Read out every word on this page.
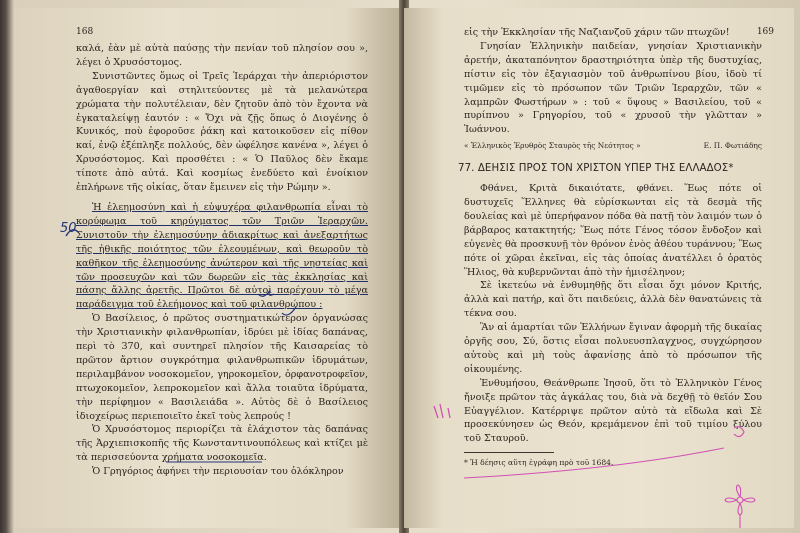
168

καλά, ἐὰν μὲ αὐτὰ παύσῃς τὴν πενίαν τοῦ πλησίον σου », λέγει ὁ Χρυσόστομος.

Συνιστῶντες ὅμως οἱ Τρεῖς Ἱεράρχαι τὴν ἀπεριόριστον ἀγαθοεργίαν καὶ στηλιτεύοντες μὲ τὰ μελανώτερα χρώματα τὴν πολυτέλειαν, δὲν ζητοῦν ἀπὸ τὸν ἔχοντα νὰ ἐγκαταλείψῃ ἑαυτόν : « Ὄχι νὰ ζῇς ὅπως ὁ Διογένης ὁ Κυνικός, ποὺ ἐφοροῦσε ῥάκη καὶ κατοικοῦσεν εἰς πίθον καί, ἐνῷ ἐξέπληξε πολλούς, δὲν ὠφέλησε κανένα », λέγει ὁ Χρυσόστομος. Καὶ προσθέτει : « Ὁ Παῦλος δὲν ἔκαμε τίποτε ἀπὸ αὐτά. Καὶ κοσμίως ἐνεδύετο καὶ ἐνοίκιον ἐπλήρωνε τῆς οἰκίας, ὅταν ἔμεινεν εἰς τὴν Ρώμην ».

Ἡ ἐλεημοσύνη καὶ ἡ εὐψυχέρα φιλανθρωπία εἶναι τὸ κορύφωμα τοῦ κηρύγματος τῶν Τριῶν Ἱεραρχῶν. Συνιστοῦν τὴν ἐλεημοσύνην ἀδιακρίτως καὶ ἀνεξαρτήτως τῆς ἠθικῆς ποιότητος τῶν ἐλεουμένων, καὶ θεωροῦν τὸ καθῆκον τῆς ἐλεημοσύνης ἀνώτερον καὶ τῆς νηστείας καὶ τῶν προσευχῶν καὶ τῶν δωρεῶν εἰς τὰς ἐκκλησίας καὶ πάσης ἄλλης ἀρετῆς. Πρῶτοι δὲ αὐτοὶ παρέχουν τὸ μέγα παράδειγμα τοῦ ἐλεήμονος καὶ τοῦ φιλανθρώπου :

Ὁ Βασίλειος, ὁ πρῶτος συστηματικώτερον ὀργανώσας τὴν Χριστιανικὴν φιλανθρωπίαν, ἱδρύει μὲ ἰδίας δαπάνας, περὶ τὸ 370, καὶ συντηρεῖ πλησίον τῆς Καισαρείας τὸ πρῶτον ἄρτιον συγκρότημα φιλανθρωπικῶν ἱδρυμάτων, περιλαμβάνον νοσοκομεῖον, γηροκομεῖον, ὀρφανοτροφεῖον, πτωχοκομεῖον, λεπροκομεῖον καὶ ἄλλα τοιαῦτα ἱδρύματα, τὴν περίφημον « Βασιλειάδα ». Αὐτὸς δὲ ὁ Βασίλειος ἰδιοχείρως περιεποιεῖτο ἐκεῖ τοὺς λεπρούς !

Ὁ Χρυσόστομος περιορίζει τὰ ἐλάχιστον τὰς δαπάνας τῆς Ἀρχιεπισκοπῆς τῆς Κωνσταντινουπόλεως καὶ κτίζει μὲ τὰ περισσεύοντα χρήματα νοσοκομεῖα.

Ὁ Γρηγόριος ἀφήνει τὴν περιουσίαν του ὁλόκληρον

50
169

εἰς τὴν Ἐκκλησίαν τῆς Ναζιανζοῦ χάριν τῶν πτωχῶν!

Γνησίαν Ἑλληνικὴν παιδείαν, γνησίαν Χριστιανικὴν ἀρετήν, ἀκαταπόνητον δραστηριότητα ὑπὲρ τῆς δυστυχίας, πίστιν εἰς τὸν ἐξαγιασμὸν τοῦ ἀνθρωπίνου βίου, ἰδοὺ τί τιμῶμεν εἰς τὸ πρόσωπον τῶν Τριῶν Ἱεραρχῶν, τῶν « λαμπρῶν Φωστήρων » : τοῦ « ὕψους » Βασιλείου, τοῦ « πυρίπνου » Γρηγορίου, τοῦ « χρυσοῦ τὴν γλῶτταν » Ἰωάννου.

« Ἑλληνικὸς Ἐρυθρὸς Σταυρὸς τῆς Νεότητος »	Ε. Π. Φωτιάδης
77. ΔΕΗΣΙΣ ΠΡΟΣ ΤΟΝ ΧΡΙΣΤΟΝ ΥΠΕΡ ΤΗΣ ΕΛΛΑΔΟΣ*

Φθάνει, Κριτὰ δικαιότατε, φθάνει. Ἕως πότε οἱ δυστυχεῖς Ἕλληνες θὰ εὑρίσκωνται εἰς τὰ δεσμὰ τῆς δουλείας καὶ μὲ ὑπερήφανον πόδα θὰ πατῇ τὸν λαιμόν των ὁ βάρβαρος κατακτητής; Ἕως πότε Γένος τόσον ἔνδοξον καὶ εὐγενὲς θὰ προσκυνῇ τὸν θρόνον ἑνὸς ἀθέου τυράννου; Ἕως πότε οἱ χῶραι ἐκεῖναι, εἰς τὰς ὁποίας ἀνατέλλει ὁ ὁρατὸς Ἥλιος, θὰ κυβερνῶνται ἀπὸ τὴν ἡμισέληνον;

Σὲ ἱκετεύω νὰ ἐνθυμηθῇς ὅτι εἶσαι ὄχι μόνον Κριτής, ἀλλὰ καὶ πατήρ, καὶ ὅτι παιδεύεις, ἀλλὰ δὲν θανατώνεις τὰ τέκνα σου.

Ἂν αἱ ἁμαρτίαι τῶν Ἑλλήνων ἔγιναν ἀφορμὴ τῆς δικαίας ὀργῆς σου, Σύ, ὅστις εἶσαι πολυευσπλαγχνος, συγχώρησον αὐτοὺς καὶ μὴ τοὺς ἀφανίσῃς ἀπὸ τὸ πρόσωπον τῆς οἰκουμένης.

Ἐνθυμήσου, Θεάνθρωπε Ἰησοῦ, ὅτι τὸ Ἑλληνικὸν Γένος ἤνοιξε πρῶτον τὰς ἀγκάλας του, διὰ νὰ δεχθῇ τὸ θεῖόν Σου Εὐαγγέλιον. Κατέρριψε πρῶτον αὐτὸ τὰ εἴδωλα καὶ Σὲ προσεκύνησεν ὡς Θεόν, κρεμάμενον ἐπὶ τοῦ τιμίου ξύλου τοῦ Σταυροῦ.

* Ἡ δέησις αὕτη ἐγράφη πρὸ τοῦ 1684.
